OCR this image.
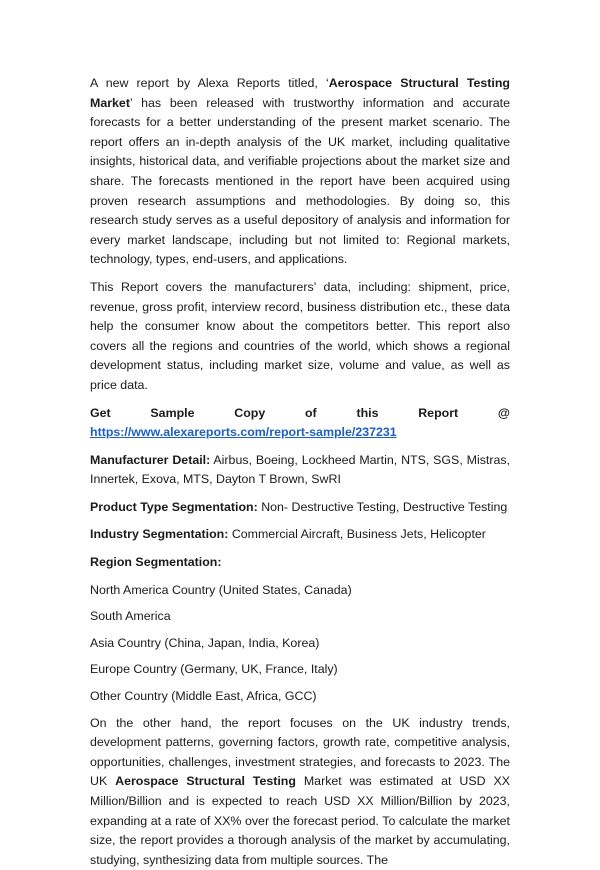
A new report by Alexa Reports titled, ‘Aerospace Structural Testing Market’ has been released with trustworthy information and accurate forecasts for a better understanding of the present market scenario. The report offers an in-depth analysis of the UK market, including qualitative insights, historical data, and verifiable projections about the market size and share. The forecasts mentioned in the report have been acquired using proven research assumptions and methodologies. By doing so, this research study serves as a useful depository of analysis and information for every market landscape, including but not limited to: Regional markets, technology, types, end-users, and applications.

This Report covers the manufacturers’ data, including: shipment, price, revenue, gross profit, interview record, business distribution etc., these data help the consumer know about the competitors better. This report also covers all the regions and countries of the world, which shows a regional development status, including market size, volume and value, as well as price data.

Get Sample Copy of this Report @

https://www.alexareports.com/report-sample/237231

Manufacturer Detail: Airbus, Boeing, Lockheed Martin, NTS, SGS, Mistras, Innertek, Exova, MTS, Dayton T Brown, SwRI

Product Type Segmentation: Non- Destructive Testing, Destructive Testing

Industry Segmentation: Commercial Aircraft, Business Jets, Helicopter

Region Segmentation:

North America Country (United States, Canada)

South America

Asia Country (China, Japan, India, Korea)

Europe Country (Germany, UK, France, Italy)

Other Country (Middle East, Africa, GCC)

On the other hand, the report focuses on the UK industry trends, development patterns, governing factors, growth rate, competitive analysis, opportunities, challenges, investment strategies, and forecasts to 2023. The UK Aerospace Structural Testing Market was estimated at USD XX Million/Billion and is expected to reach USD XX Million/Billion by 2023, expanding at a rate of XX% over the forecast period. To calculate the market size, the report provides a thorough analysis of the market by accumulating, studying, synthesizing data from multiple sources. The
